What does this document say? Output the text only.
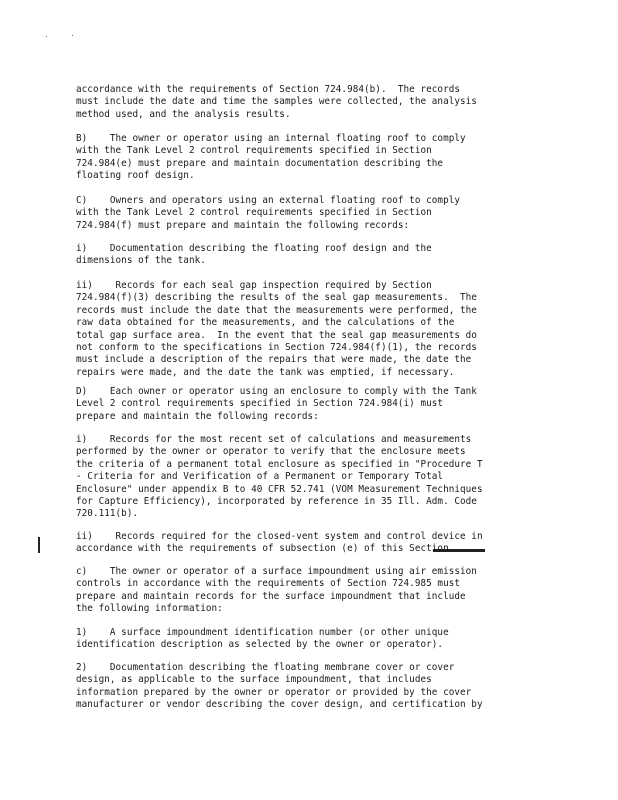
accordance with the requirements of Section 724.984(b).  The records
must include the date and time the samples were collected, the analysis
method used, and the analysis results.
B)    The owner or operator using an internal floating roof to comply
with the Tank Level 2 control requirements specified in Section
724.984(e) must prepare and maintain documentation describing the
floating roof design.
C)    Owners and operators using an external floating roof to comply
with the Tank Level 2 control requirements specified in Section
724.984(f) must prepare and maintain the following records:
i)    Documentation describing the floating roof design and the
dimensions of the tank.
ii)    Records for each seal gap inspection required by Section
724.984(f)(3) describing the results of the seal gap measurements.  The
records must include the date that the measurements were performed, the
raw data obtained for the measurements, and the calculations of the
total gap surface area.  In the event that the seal gap measurements do
not conform to the specifications in Section 724.984(f)(1), the records
must include a description of the repairs that were made, the date the
repairs were made, and the date the tank was emptied, if necessary.
D)    Each owner or operator using an enclosure to comply with the Tank
Level 2 control requirements specified in Section 724.984(i) must
prepare and maintain the following records:
i)    Records for the most recent set of calculations and measurements
performed by the owner or operator to verify that the enclosure meets
the criteria of a permanent total enclosure as specified in "Procedure T
- Criteria for and Verification of a Permanent or Temporary Total
Enclosure" under appendix B to 40 CFR 52.741 (VOM Measurement Techniques
for Capture Efficiency), incorporated by reference in 35 Ill. Adm. Code
720.111(b).
ii)    Records required for the closed-vent system and control device in
accordance with the requirements of subsection (e) of this Section.
c)    The owner or operator of a surface impoundment using air emission
controls in accordance with the requirements of Section 724.985 must
prepare and maintain records for the surface impoundment that include
the following information:
1)    A surface impoundment identification number (or other unique
identification description as selected by the owner or operator).
2)    Documentation describing the floating membrane cover or cover
design, as applicable to the surface impoundment, that includes
information prepared by the owner or operator or provided by the cover
manufacturer or vendor describing the cover design, and certification by
